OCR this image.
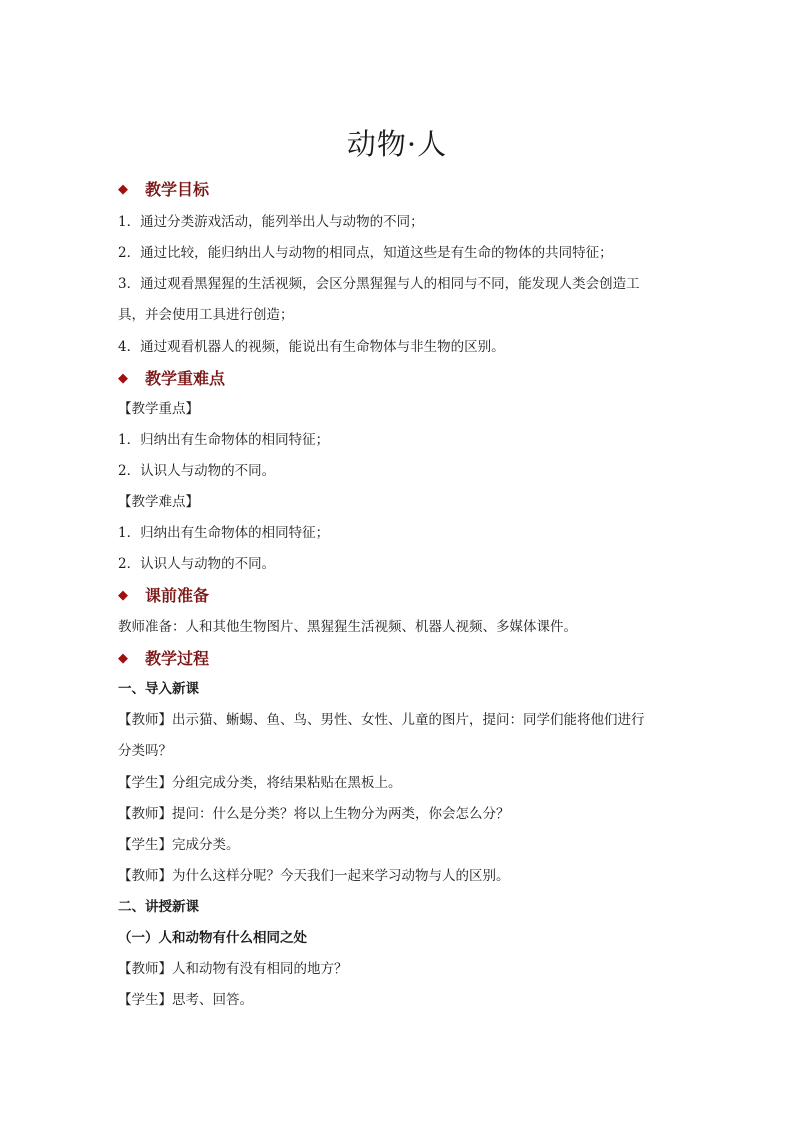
动物·人
◆ 教学目标
1．通过分类游戏活动，能列举出人与动物的不同；
2．通过比较，能归纳出人与动物的相同点，知道这些是有生命的物体的共同特征；
3．通过观看黑猩猩的生活视频，会区分黑猩猩与人的相同与不同，能发现人类会创造工
具，并会使用工具进行创造；
4．通过观看机器人的视频，能说出有生命物体与非生物的区别。
◆ 教学重难点
【教学重点】
1．归纳出有生命物体的相同特征；
2．认识人与动物的不同。
【教学难点】
1．归纳出有生命物体的相同特征；
2．认识人与动物的不同。
◆ 课前准备
教师准备：人和其他生物图片、黑猩猩生活视频、机器人视频、多媒体课件。
◆ 教学过程
一、导入新课
【教师】出示猫、蜥蜴、鱼、鸟、男性、女性、儿童的图片，提问：同学们能将他们进行
分类吗？
【学生】分组完成分类，将结果粘贴在黑板上。
【教师】提问：什么是分类？将以上生物分为两类，你会怎么分？
【学生】完成分类。
【教师】为什么这样分呢？今天我们一起来学习动物与人的区别。
二、讲授新课
（一）人和动物有什么相同之处
【教师】人和动物有没有相同的地方？
【学生】思考、回答。
